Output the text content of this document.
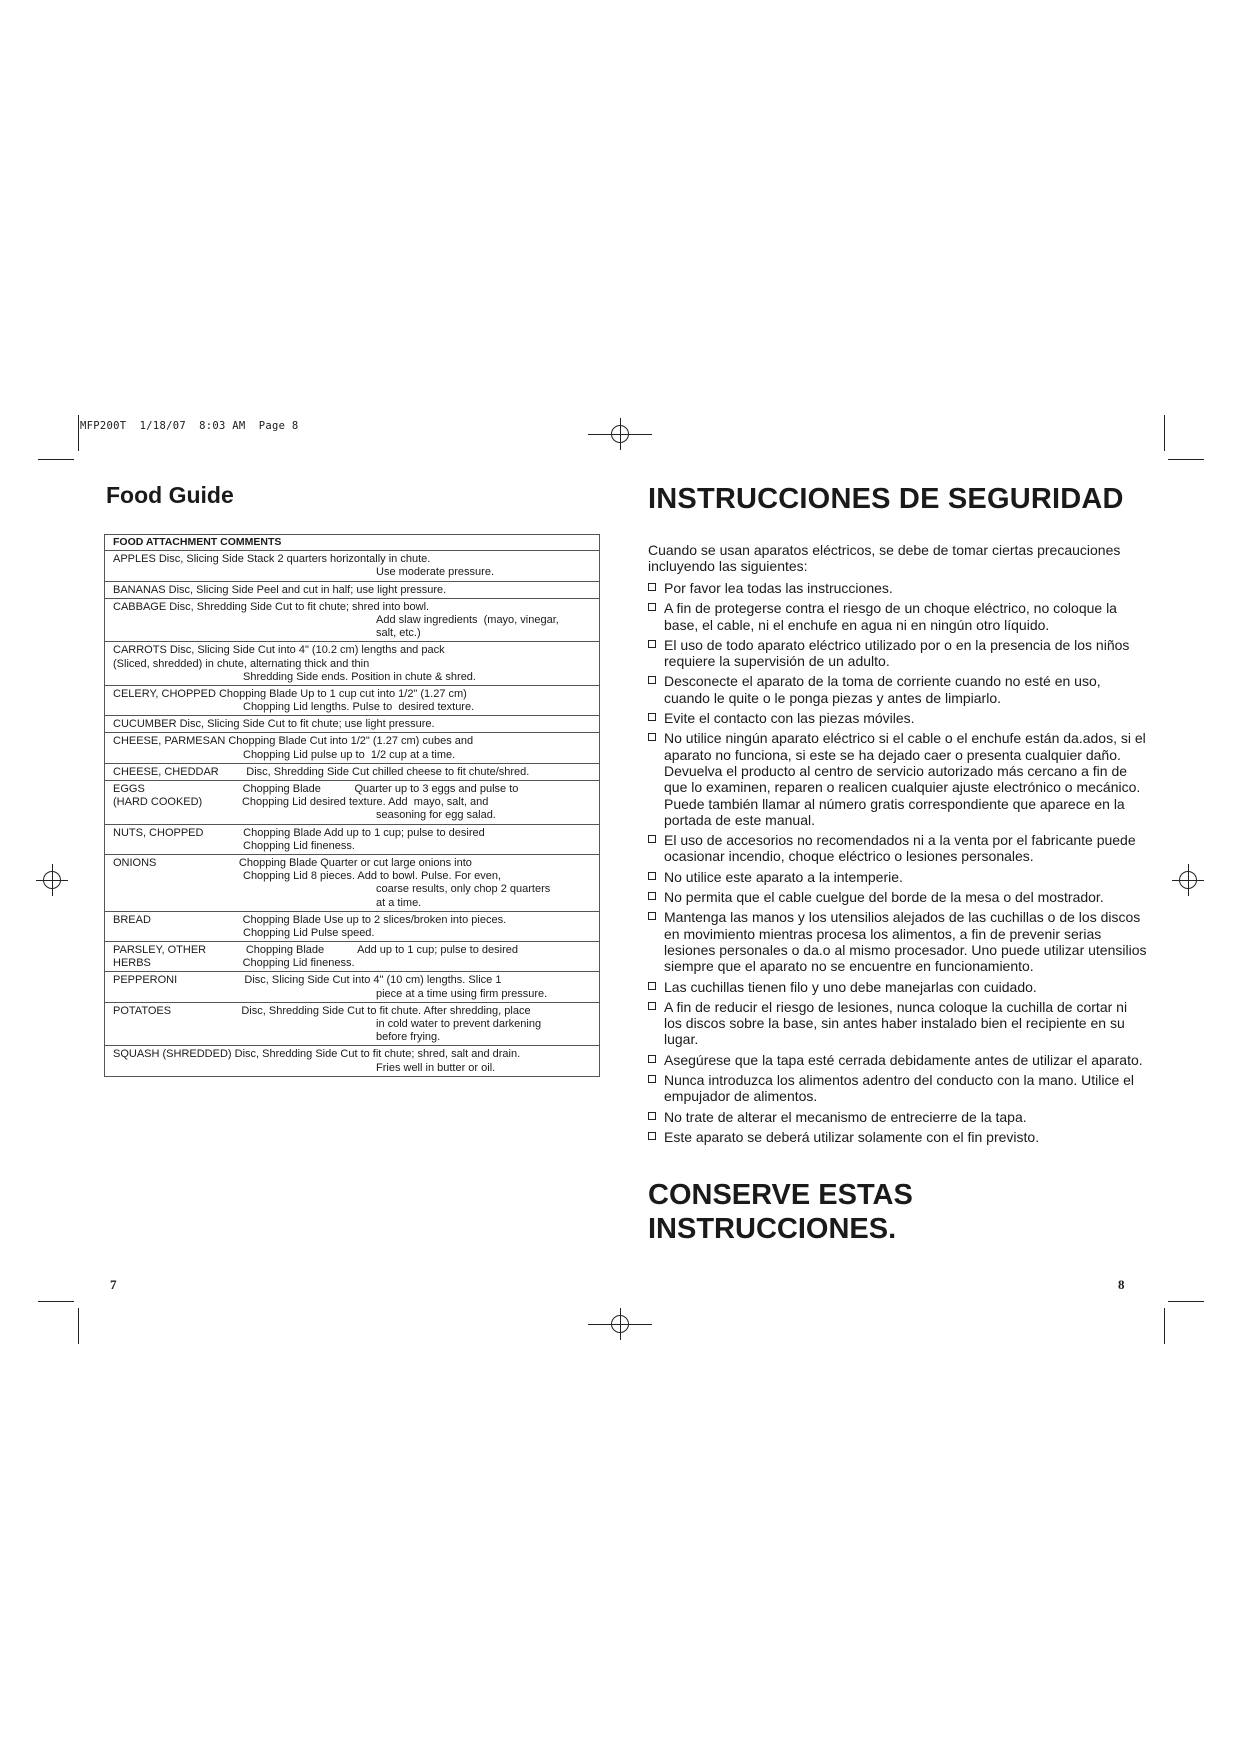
MFP200T  1/18/07  8:03 AM  Page 8
Food Guide
FOOD ATTACHMENT COMMENTS
APPLES Disc, Slicing Side Stack 2 quarters horizontally in chute.
Use moderate pressure.
BANANAS Disc, Slicing Side Peel and cut in half; use light pressure.
CABBAGE Disc, Shredding Side Cut to fit chute; shred into bowl.
Add slaw ingredients  (mayo, vinegar,
salt, etc.)
CARROTS Disc, Slicing Side Cut into 4" (10.2 cm) lengths and pack
(Sliced, shredded) in chute, alternating thick and thin
Shredding Side ends. Position in chute & shred.
CELERY, CHOPPED Chopping Blade Up to 1 cup cut into 1/2" (1.27 cm)
Chopping Lid lengths. Pulse to  desired texture.
CUCUMBER Disc, Slicing Side Cut to fit chute; use light pressure.
CHEESE, PARMESAN Chopping Blade Cut into 1/2" (1.27 cm) cubes and
Chopping Lid pulse up to  1/2 cup at a time.
CHEESE, CHEDDAR         Disc, Shredding Side Cut chilled cheese to fit chute/shred.
EGGS                                Chopping Blade           Quarter up to 3 eggs and pulse to
(HARD COOKED)             Chopping Lid desired texture. Add  mayo, salt, and
seasoning for egg salad.
NUTS, CHOPPED             Chopping Blade Add up to 1 cup; pulse to desired
Chopping Lid fineness.
ONIONS                           Chopping Blade Quarter or cut large onions into
Chopping Lid 8 pieces. Add to bowl. Pulse. For even,
coarse results, only chop 2 quarters
at a time.
BREAD                              Chopping Blade Use up to 2 slices/broken into pieces.
Chopping Lid Pulse speed.
PARSLEY, OTHER             Chopping Blade           Add up to 1 cup; pulse to desired
HERBS                              Chopping Lid fineness.
PEPPERONI                      Disc, Slicing Side Cut into 4" (10 cm) lengths. Slice 1
piece at a time using firm pressure.
POTATOES                       Disc, Shredding Side Cut to fit chute. After shredding, place
in cold water to prevent darkening
before frying.
SQUASH (SHREDDED) Disc, Shredding Side Cut to fit chute; shred, salt and drain.
Fries well in butter or oil.
7
INSTRUCCIONES DE SEGURIDAD
Cuando se usan aparatos eléctricos, se debe de tomar ciertas precauciones incluyendo las siguientes:
Por favor lea todas las instrucciones.
A fin de protegerse contra el riesgo de un choque eléctrico, no coloque la base, el cable, ni el enchufe en agua ni en ningún otro líquido.
El uso de todo aparato eléctrico utilizado por o en la presencia de los niños requiere la supervisión de un adulto.
Desconecte el aparato de la toma de corriente cuando no esté en uso, cuando le quite o le ponga piezas y antes de limpiarlo.
Evite el contacto con las piezas móviles.
No utilice ningún aparato eléctrico si el cable o el enchufe están da.ados, si el aparato no funciona, si este se ha dejado caer o presenta cualquier daño. Devuelva el producto al centro de servicio autorizado más cercano a fin de que lo examinen, reparen o realicen cualquier ajuste electrónico o mecánico. Puede también llamar al número gratis correspondiente que aparece en la portada de este manual.
El uso de accesorios no recomendados ni a la venta por el fabricante puede ocasionar incendio, choque eléctrico o lesiones personales.
No utilice este aparato a la intemperie.
No permita que el cable cuelgue del borde de la mesa o del mostrador.
Mantenga las manos y los utensilios alejados de las cuchillas o de los discos en movimiento mientras procesa los alimentos, a fin de prevenir serias lesiones personales o da.o al mismo procesador. Uno puede utilizar utensilios siempre que el aparato no se encuentre en funcionamiento.
Las cuchillas tienen filo y uno debe manejarlas con cuidado.
A fin de reducir el riesgo de lesiones, nunca coloque la cuchilla de cortar ni los discos sobre la base, sin antes haber instalado bien el recipiente en su lugar.
Asegúrese que la tapa esté cerrada debidamente antes de utilizar el aparato.
Nunca introduzca los alimentos adentro del conducto con la mano. Utilice el empujador de alimentos.
No trate de alterar el mecanismo de entrecierre de la tapa.
Este aparato se deberá utilizar solamente con el fin previsto.
CONSERVE ESTAS
INSTRUCCIONES.
8
